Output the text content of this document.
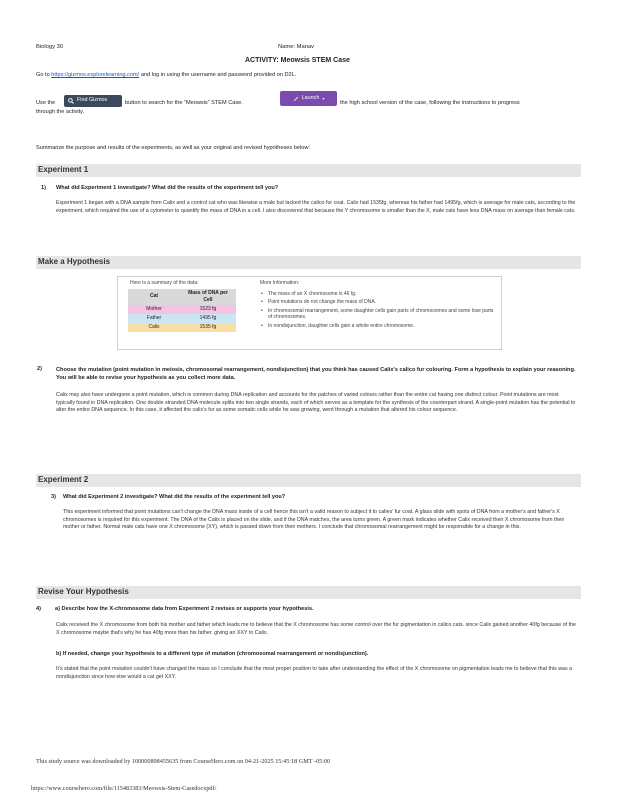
Biology 30	Name: Manav
ACTIVITY: Meowsis STEM Case
Go to https://gizmos.explorelearning.com/ and log in using the username and password provided on D2L.
Use the	Find Gizmos	button to search for the “Meowsis” STEM Case.
Launch ▾
the high school version of the case, following the instructions to progress
through the activity.
Summarize the purpose and results of the experiments, as well as your original and revised hypotheses below:
Experiment 1
1) What did Experiment 1 investigate? What did the results of the experiment tell you?
Experiment 1 began with a DNA sample from Calix and a control cat who was likewise a male but lacked the calico fur coat. Calix had 1535fg, whereas his father had 1495fg, which is average for male cats, according to the experiment, which required the use of a cytometer to quantify the mass of DNA in a cell. I also discovered that because the Y chromosome is smaller than the X, male cats have less DNA mass on average than female cats.
Make a Hypothesis
Here is a summary of the data:
Cat	Mass of DNA per Cell
Mother	1523 fg
Father	1495 fg
Calix	1535 fg
More Information:
• The mass of an X chromosome is 46 fg.
• Point mutations do not change the mass of DNA.
• In chromosomal rearrangement, some daughter cells gain parts of chromosomes and some lose parts of chromosomes.
• In nondisjunction, daughter cells gain a whole entire chromosome.
2)	Choose the mutation (point mutation in meiosis, chromosomal rearrangement, nondisjunction) that you think has caused Calix's calico fur colouring. Form a hypothesis to explain your reasoning. You will be able to revise your hypothesis as you collect more data.
Calix may also have undergone a point mutation, which is common during DNA replication and accounts for the patches of varied colours rather than the entire cat having one distinct colour. Point mutations are most typically found in DNA replication. One double stranded DNA molecule splits into two single strands, each of which serves as a template for the synthesis of the counterpart strand. A single-point mutation has the potential to alter the entire DNA sequence. In this case, it affected the calix's fur as some somatic cells while he was growing, went through a mutation that altered his colour sequence.
Experiment 2
3) What did Experiment 2 investigate? What did the results of the experiment tell you?
This experiment informed that point mutations can't change the DNA mass inside of a cell hence this isn't a valid reason to subject it to calies' fur coat. A glass slide with spots of DNA from a mother's and father's X chromosomes is required for this experiment. The DNA of the Calix is placed on the slide, and if the DNA matches, the area turns green. A green mark indicates whether Calix received their X chromosome from their mother or father. Normal male cats have one X chromosome (XY), which is passed down from their mothers. I conclude that chromosomal rearrangement might be responsible for a change in this.
Revise Your Hypothesis
4)	a) Describe how the X-chromosome data from Experiment 2 revises or supports your hypothesis.
Calix received the X chromosome from both his mother and father which leads me to believe that the X chromosome has some control over the fur pigmentation in calico cats. since Calix gained another 40fg because of the X chromosome maybe that's why he has 40fg more than his father. giving an XXY to Calix.
b) If needed, change your hypothesis to a different type of mutation (chromosomal rearrangement or nondisjunction).
It's stated that the point mutation couldn't have changed the mass so I conclude that the most proper position to take after understanding the effect of the X chromosome on pigmentation leads me to believe that this was a nondisjunction since how else would a cat get XXY.
This study source was downloaded by 100000898455635 from CourseHero.com on 04-21-2025 15:45:18 GMT -05:00
https://www.coursehero.com/file/115483383/Meowsis-Stem-Casedocxpdf/
